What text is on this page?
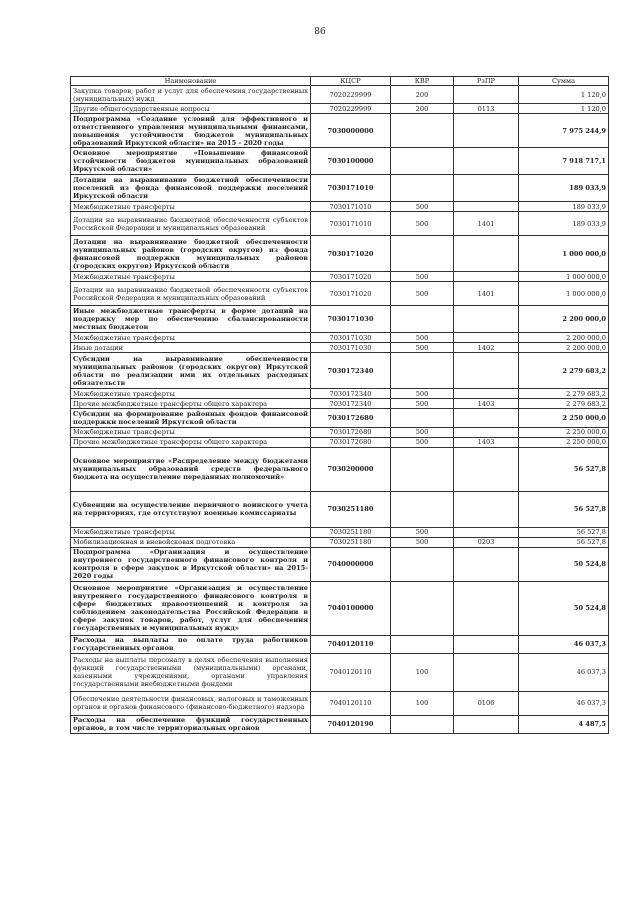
86
Наименование	КЦСР	КВР	РзПР	Сумма
Закупка товаров, работ и услуг для обеспечения государственных (муниципальных) нужд	7020229999	200		1 120,0
Другие общегосударственные вопросы	7020229999	200	0113	1 120,0
Подпрограмма «Создание условий для эффективного и ответственного управления муниципальными финансами, повышения устойчивости бюджетов муниципальных образований Иркутской области» на 2015 - 2020 годы	7030000000			7 975 244,9
Основное мероприятие «Повышение финансовой устойчивости бюджетов муниципальных образований Иркутской области»	7030100000			7 918 717,1
Дотации на выравнивание бюджетной обеспеченности поселений из фонда финансовой поддержки поселений Иркутской области	7030171010			189 033,9
Межбюджетные трансферты	7030171010	500		189 033,9
Дотации на выравнивание бюджетной обеспеченности субъектов Российской Федерации и муниципальных образований	7030171010	500	1401	189 033,9
Дотации на выравнивание бюджетной обеспеченности муниципальных районов (городских округов) из фонда финансовой поддержки муниципальных районов (городских округов) Иркутской области	7030171020			1 000 000,0
Межбюджетные трансферты	7030171020	500		1 000 000,0
Дотации на выравнивание бюджетной обеспеченности субъектов Российской Федерации и муниципальных образований	7030171020	500	1401	1 000 000,0
Иные межбюджетные трансферты в форме дотаций на поддержку мер по обеспечению сбалансированности местных бюджетов	7030171030			2 200 000,0
Межбюджетные трансферты	7030171030	500		2 200 000,0
Иные дотации	7030171030	500	1402	2 200 000,0
Субсидии на выравнивание обеспеченности муниципальных районов (городских округов) Иркутской области по реализации ими их отдельных расходных обязательств	7030172340			2 279 683,2
Межбюджетные трансферты	7030172340	500		2 279 683,2
Прочие межбюджетные трансферты общего характера	7030172340	500	1403	2 279 683,2
Субсидии на формирование районных фондов финансовой поддержки поселений Иркутской области	7030172680			2 250 000,0
Межбюджетные трансферты	7030172680	500		2 250 000,0
Прочие межбюджетные трансферты общего характера	7030172680	500	1403	2 250 000,0
Основное мероприятие «Распределение между бюджетами муниципальных образований средств федерального бюджета на осуществление переданных полномочий»	7030200000			56 527,8
Субвенции на осуществление первичного воинского учета на территориях, где отсутствуют военные комиссариаты	7030251180			56 527,8
Межбюджетные трансферты	7030251180	500		56 527,8
Мобилизационная и вневойсковая подготовка	7030251180	500	0203	56 527,8
Подпрограмма «Организация и осуществление внутреннего государственного финансового контроля и контроля в сфере закупок в Иркутской области» на 2015-2020 годы	7040000000			50 524,8
Основное мероприятие «Организация и осуществление внутреннего государственного финансового контроля в сфере бюджетных правоотношений и контроля за соблюдением законодательства Российской Федерации в сфере закупок товаров, работ, услуг для обеспечения государственных и муниципальных нужд»	7040100000			50 524,8
Расходы на выплаты по оплате труда работников государственных органов	7040120110			46 037,3
Расходы на выплаты персоналу в целях обеспечения выполнения функций государственными (муниципальными) органами, казенными учреждениями, органами управления государственными внебюджетными фондами	7040120110	100		46 037,3
Обеспечение деятельности финансовых, налоговых и таможенных органов и органов финансового (финансово-бюджетного) надзора	7040120110	100	0106	46 037,3
Расходы на обеспечение функций государственных органов, в том числе территориальных органов	7040120190			4 487,5
